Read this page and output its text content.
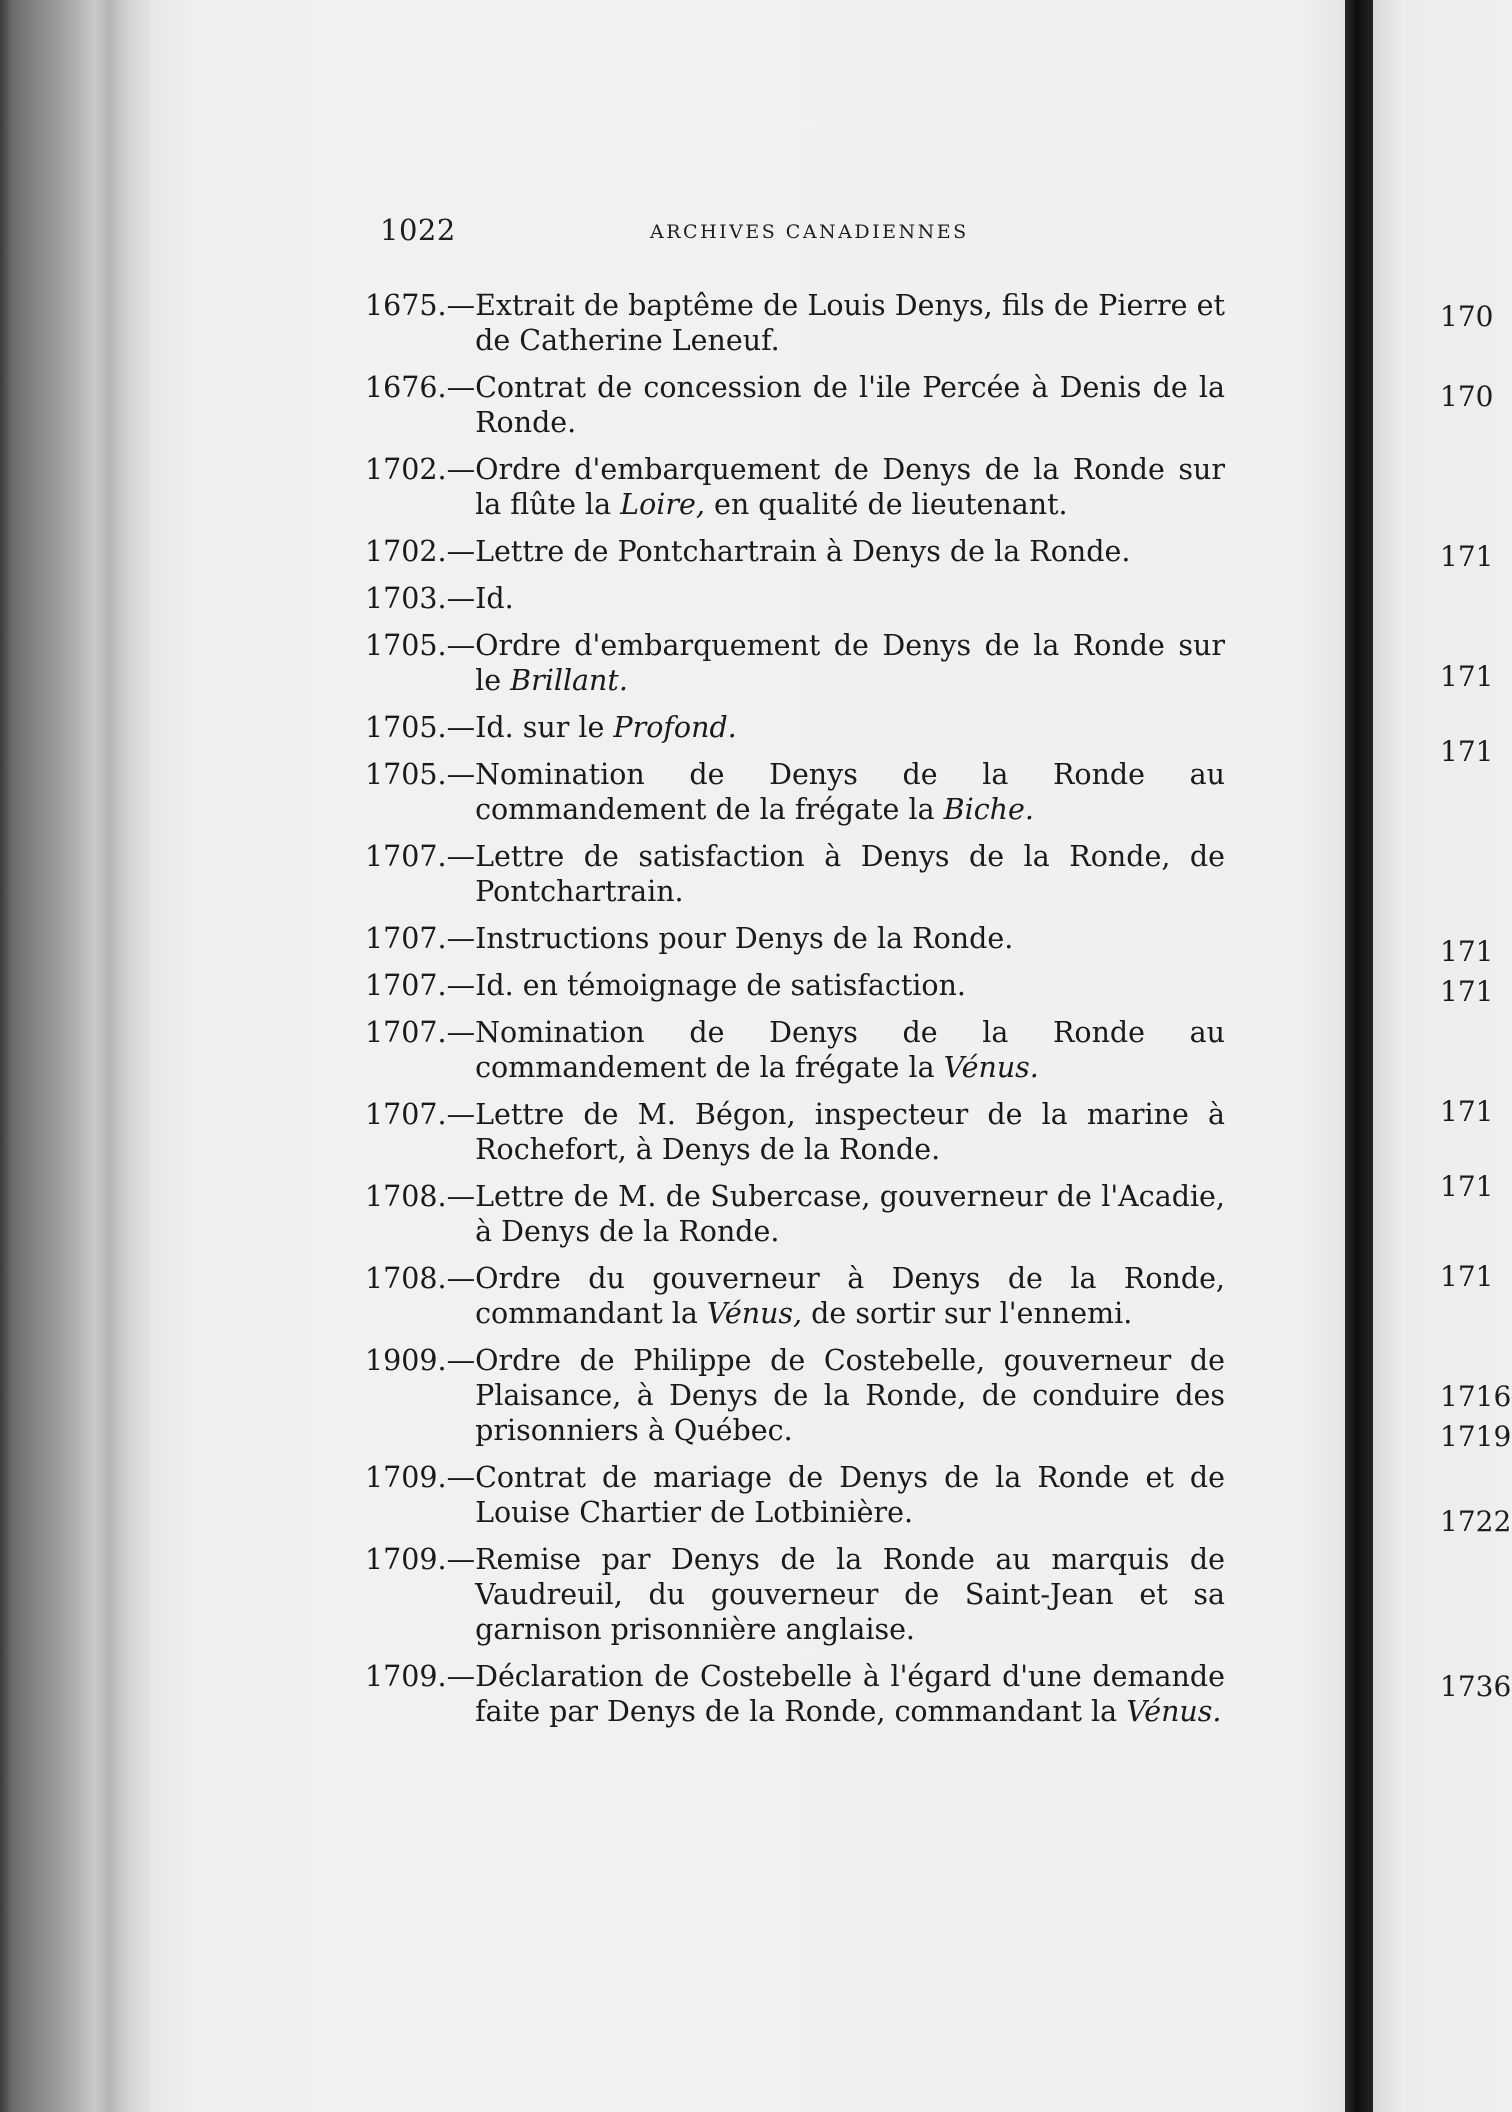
1022	ARCHIVES CANADIENNES
1675.— Extrait de baptême de Louis Denys, fils de Pierre et de Catherine Leneuf.
1676.— Contrat de concession de l'ile Percée à Denis de la Ronde.
1702.— Ordre d'embarquement de Denys de la Ronde sur la flûte la Loire, en qualité de lieutenant.
1702.— Lettre de Pontchartrain à Denys de la Ronde.
1703.— Id.
1705.— Ordre d'embarquement de Denys de la Ronde sur le Brillant.
1705.— Id. sur le Profond.
1705.— Nomination de Denys de la Ronde au commandement de la frégate la Biche.
1707.— Lettre de satisfaction à Denys de la Ronde, de Pontchartrain.
1707.— Instructions pour Denys de la Ronde.
1707.— Id. en témoignage de satisfaction.
1707.— Nomination de Denys de la Ronde au commandement de la frégate la Vénus.
1707.— Lettre de M. Bégon, inspecteur de la marine à Rochefort, à Denys de la Ronde.
1708.— Lettre de M. de Subercase, gouverneur de l'Acadie, à Denys de la Ronde.
1708.— Ordre du gouverneur à Denys de la Ronde, commandant la Vénus, de sortir sur l'ennemi.
1909.— Ordre de Philippe de Costebelle, gouverneur de Plaisance, à Denys de la Ronde, de conduire des prisonniers à Québec.
1709.— Contrat de mariage de Denys de la Ronde et de Louise Chartier de Lotbinière.
1709.— Remise par Denys de la Ronde au marquis de Vaudreuil, du gouverneur de Saint-Jean et sa garnison prisonnière anglaise.
1709.— Déclaration de Costebelle à l'égard d'une demande faite par Denys de la Ronde, commandant la Vénus.
170
170
171
171
171
171
171
171
171
171
1716
1719
1722
1736
